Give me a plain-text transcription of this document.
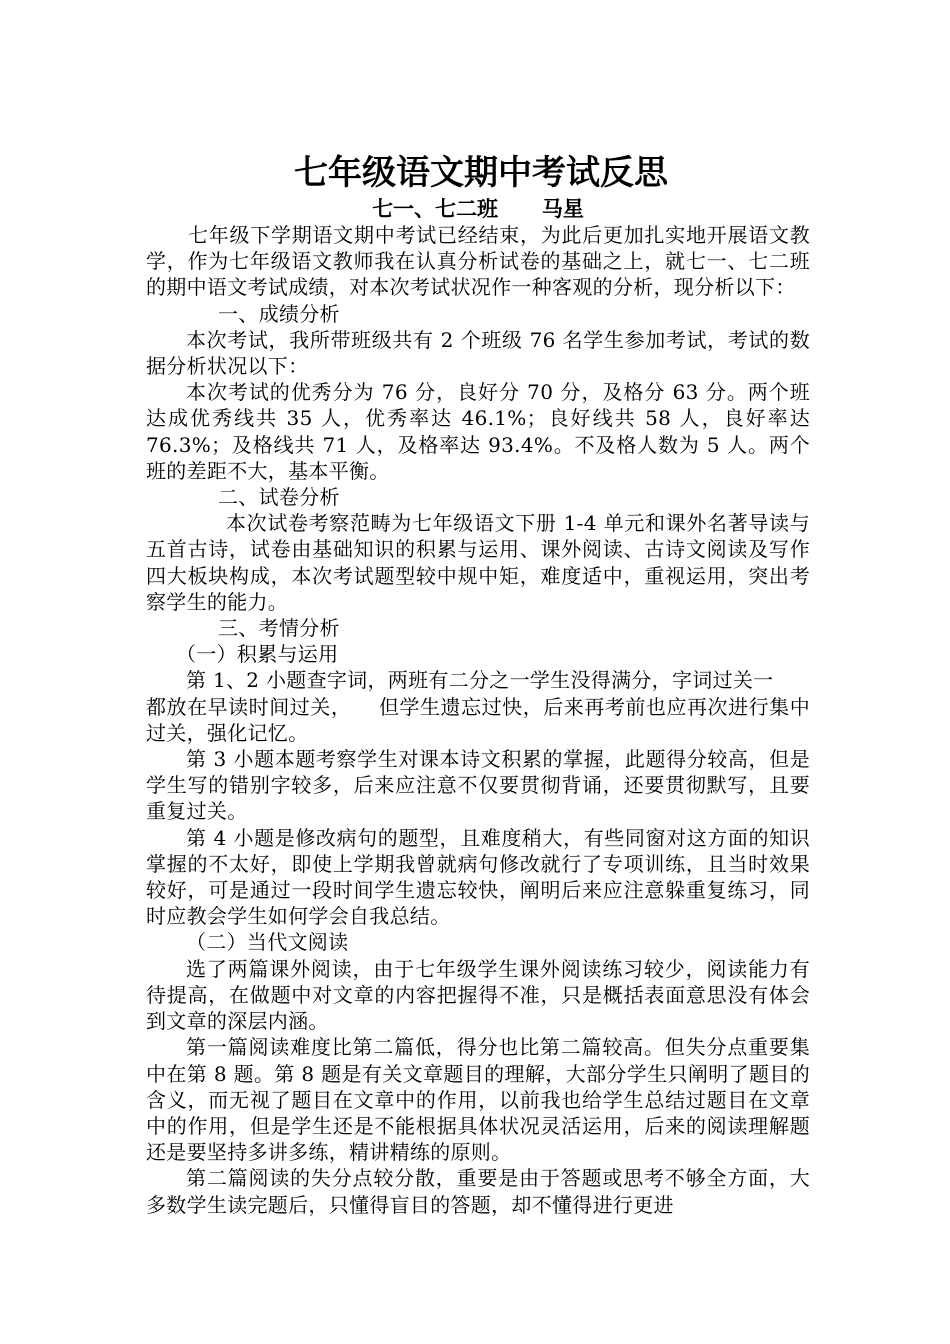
七年级语文期中考试反思
七一、七二班      马星

七年级下学期语文期中考试已经结束，为此后更加扎实地开展语文教学，作为七年级语文教师我在认真分析试卷的基础之上，就七一、七二班的期中语文考试成绩，对本次考试状况作一种客观的分析，现分析以下：

一、成绩分析

本次考试，我所带班级共有 2 个班级 76 名学生参加考试，考试的数据分析状况以下：

本次考试的优秀分为 76 分，良好分 70 分，及格分 63 分。两个班达成优秀线共 35 人，优秀率达 46.1%；良好线共 58 人，良好率达 76.3%；及格线共 71 人，及格率达 93.4%。不及格人数为 5 人。两个班的差距不大，基本平衡。

二、试卷分析

本次试卷考察范畴为七年级语文下册 1-4 单元和课外名著导读与五首古诗，试卷由基础知识的积累与运用、课外阅读、古诗文阅读及写作四大板块构成，本次考试题型较中规中矩，难度适中，重视运用，突出考察学生的能力。

三、考情分析

（一）积累与运用

第 1、2 小题查字词，两班有二分之一学生没得满分，字词过关一

都放在早读时间过关，    但学生遗忘过快，后来再考前也应再次进行集中过关，强化记忆。

第 3 小题本题考察学生对课本诗文积累的掌握，此题得分较高，但是学生写的错别字较多，后来应注意不仅要贯彻背诵，还要贯彻默写，且要重复过关。

第 4 小题是修改病句的题型，且难度稍大，有些同窗对这方面的知识掌握的不太好，即使上学期我曾就病句修改就行了专项训练，且当时效果较好，可是通过一段时间学生遗忘较快，阐明后来应注意躲重复练习，同时应教会学生如何学会自我总结。

（二）当代文阅读

选了两篇课外阅读，由于七年级学生课外阅读练习较少，阅读能力有待提高，在做题中对文章的内容把握得不准，只是概括表面意思没有体会到文章的深层内涵。

第一篇阅读难度比第二篇低，得分也比第二篇较高。但失分点重要集中在第 8 题。第 8 题是有关文章题目的理解，大部分学生只阐明了题目的含义，而无视了题目在文章中的作用，以前我也给学生总结过题目在文章中的作用，但是学生还是不能根据具体状况灵活运用，后来的阅读理解题还是要坚持多讲多练，精讲精练的原则。

第二篇阅读的失分点较分散，重要是由于答题或思考不够全方面，大多数学生读完题后，只懂得盲目的答题，却不懂得进行更进
